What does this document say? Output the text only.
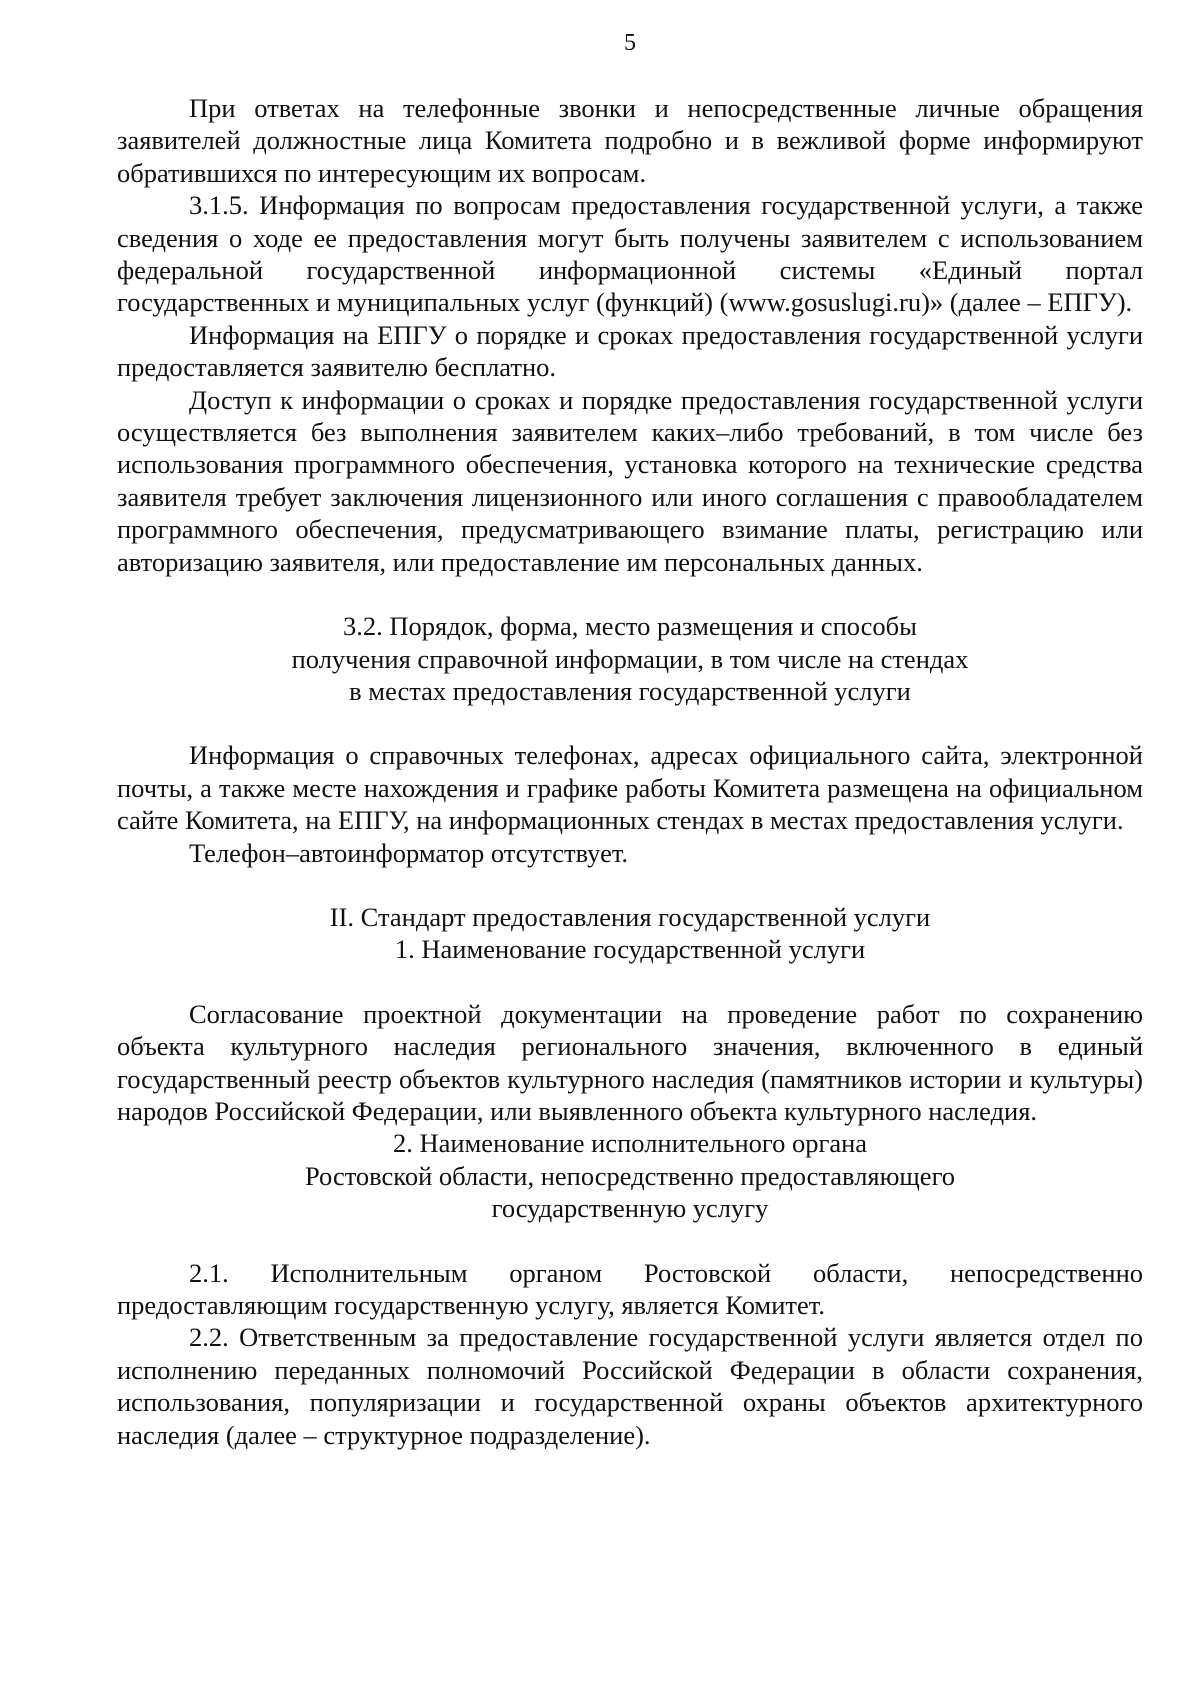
5

При ответах на телефонные звонки и непосредственные личные обращения заявителей должностные лица Комитета подробно и в вежливой форме информируют обратившихся по интересующим их вопросам.

3.1.5. Информация по вопросам предоставления государственной услуги, а также сведения о ходе ее предоставления могут быть получены заявителем с использованием федеральной государственной информационной системы «Единый портал государственных и муниципальных услуг (функций) (www.gosuslugi.ru)» (далее – ЕПГУ).

Информация на ЕПГУ о порядке и сроках предоставления государственной услуги предоставляется заявителю бесплатно.

Доступ к информации о сроках и порядке предоставления государственной услуги осуществляется без выполнения заявителем каких–либо требований, в том числе без использования программного обеспечения, установка которого на технические средства заявителя требует заключения лицензионного или иного соглашения с правообладателем программного обеспечения, предусматривающего взимание платы, регистрацию или авторизацию заявителя, или предоставление им персональных данных.

3.2. Порядок, форма, место размещения и способы
получения справочной информации, в том числе на стендах
в местах предоставления государственной услуги

Информация о справочных телефонах, адресах официального сайта, электронной почты, а также месте нахождения и графике работы Комитета размещена на официальном сайте Комитета, на ЕПГУ, на информационных стендах в местах предоставления услуги.

Телефон–автоинформатор отсутствует.

II. Стандарт предоставления государственной услуги
1. Наименование государственной услуги

Согласование проектной документации на проведение работ по сохранению объекта культурного наследия регионального значения, включенного в единый государственный реестр объектов культурного наследия (памятников истории и культуры) народов Российской Федерации, или выявленного объекта культурного наследия.

2. Наименование исполнительного органа
Ростовской области, непосредственно предоставляющего
государственную услугу

2.1. Исполнительным органом Ростовской области, непосредственно предоставляющим государственную услугу, является Комитет.

2.2. Ответственным за предоставление государственной услуги является отдел по исполнению переданных полномочий Российской Федерации в области сохранения, использования, популяризации и государственной охраны объектов архитектурного наследия (далее – структурное подразделение).
